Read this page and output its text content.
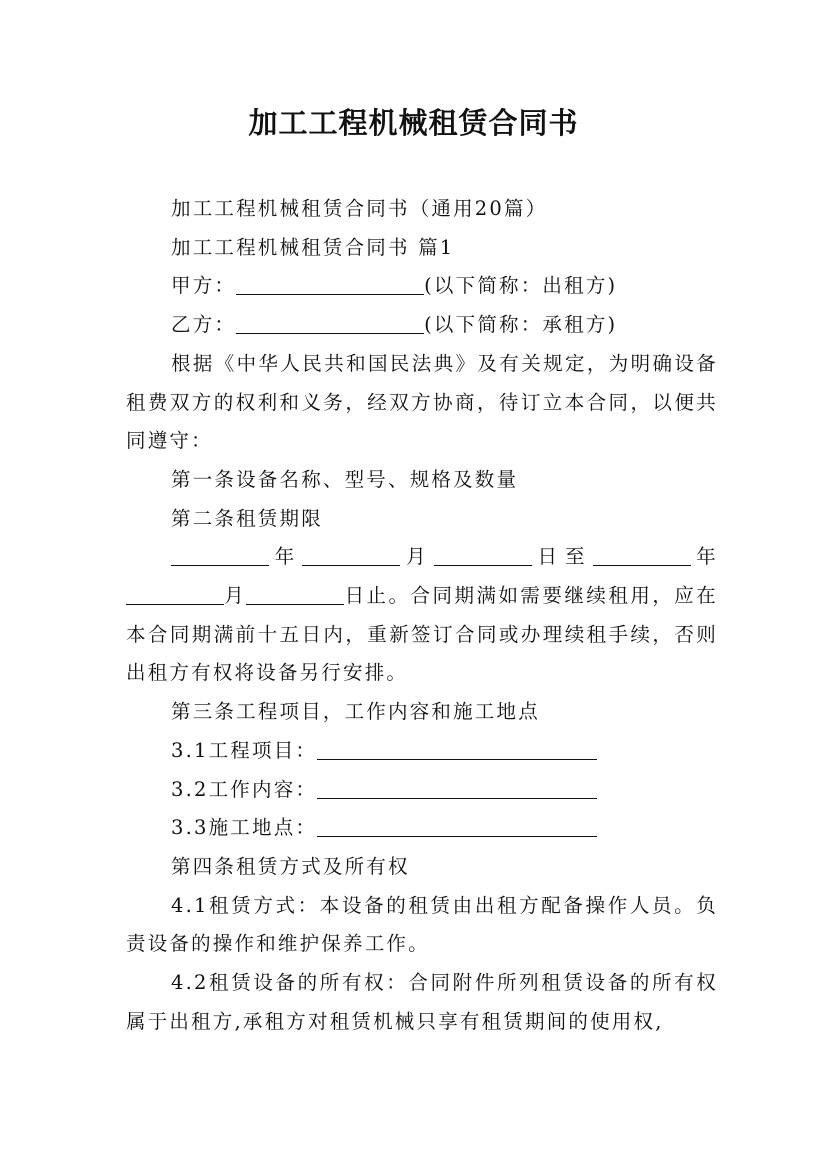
加工工程机械租赁合同书

加工工程机械租赁合同书（通用20篇）

加工工程机械租赁合同书 篇1

甲方：	(以下简称：出租方)

乙方：	(以下简称：承租方)

根据《中华人民共和国民法典》及有关规定，为明确设备租费双方的权利和义务，经双方协商，待订立本合同，以便共同遵守：

第一条设备名称、型号、规格及数量

第二条租赁期限

年	月	日至	年月	日止。合同期满如需要继续租用，应在本合同期满前十五日内，重新签订合同或办理续租手续，否则出租方有权将设备另行安排。

第三条工程项目，工作内容和施工地点

3.1工程项目：

3.2工作内容：

3.3施工地点：

第四条租赁方式及所有权

4.1租赁方式：本设备的租赁由出租方配备操作人员。负责设备的操作和维护保养工作。

4.2租赁设备的所有权：合同附件所列租赁设备的所有权属于出租方,承租方对租赁机械只享有租赁期间的使用权,
